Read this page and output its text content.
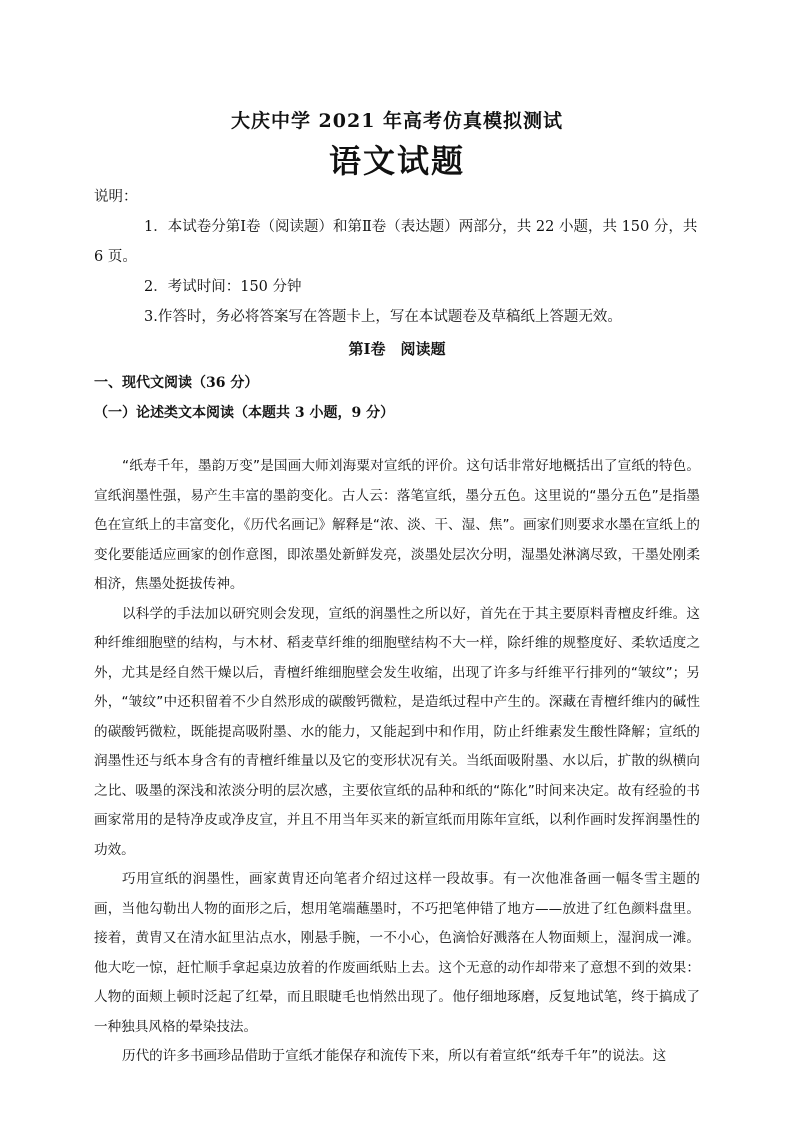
大庆中学 2021 年高考仿真模拟测试
语文试题

说明：

1．本试卷分第Ⅰ卷（阅读题）和第Ⅱ卷（表达题）两部分，共 22 小题，共 150 分，共 6 页。

2．考试时间：150 分钟

3.作答时，务必将答案写在答题卡上，写在本试题卷及草稿纸上答题无效。

第Ⅰ卷　阅读题
一、现代文阅读（36 分）
（一）论述类文本阅读（本题共 3 小题，9 分）

“纸寿千年，墨韵万变”是国画大师刘海粟对宣纸的评价。这句话非常好地概括出了宣纸的特色。宣纸润墨性强，易产生丰富的墨韵变化。古人云：落笔宣纸，墨分五色。这里说的“墨分五色”是指墨色在宣纸上的丰富变化，《历代名画记》解释是“浓、淡、干、湿、焦”。画家们则要求水墨在宣纸上的变化要能适应画家的创作意图，即浓墨处新鲜发亮，淡墨处层次分明，湿墨处淋漓尽致，干墨处刚柔相济，焦墨处挺拔传神。

以科学的手法加以研究则会发现，宣纸的润墨性之所以好，首先在于其主要原料青檀皮纤维。这种纤维细胞壁的结构，与木材、稻麦草纤维的细胞壁结构不大一样，除纤维的规整度好、柔软适度之外，尤其是经自然干燥以后，青檀纤维细胞壁会发生收缩，出现了许多与纤维平行排列的“皱纹”；另外，“皱纹”中还积留着不少自然形成的碳酸钙微粒，是造纸过程中产生的。深藏在青檀纤维内的碱性的碳酸钙微粒，既能提高吸附墨、水的能力，又能起到中和作用，防止纤维素发生酸性降解；宣纸的润墨性还与纸本身含有的青檀纤维量以及它的变形状况有关。当纸面吸附墨、水以后，扩散的纵横向之比、吸墨的深浅和浓淡分明的层次感，主要依宣纸的品种和纸的“陈化”时间来决定。故有经验的书画家常用的是特净皮或净皮宣，并且不用当年买来的新宣纸而用陈年宣纸，以利作画时发挥润墨性的功效。

巧用宣纸的润墨性，画家黄胄还向笔者介绍过这样一段故事。有一次他准备画一幅冬雪主题的画，当他勾勒出人物的面形之后，想用笔端蘸墨时，不巧把笔伸错了地方——放进了红色颜料盘里。接着，黄胄又在清水缸里沾点水，刚悬手腕，一不小心，色滴恰好溅落在人物面颊上，湿润成一滩。他大吃一惊，赶忙顺手拿起桌边放着的作废画纸贴上去。这个无意的动作却带来了意想不到的效果：人物的面颊上顿时泛起了红晕，而且眼睫毛也悄然出现了。他仔细地琢磨，反复地试笔，终于搞成了一种独具风格的晕染技法。

历代的许多书画珍品借助于宣纸才能保存和流传下来，所以有着宣纸“纸寿千年”的说法。这
